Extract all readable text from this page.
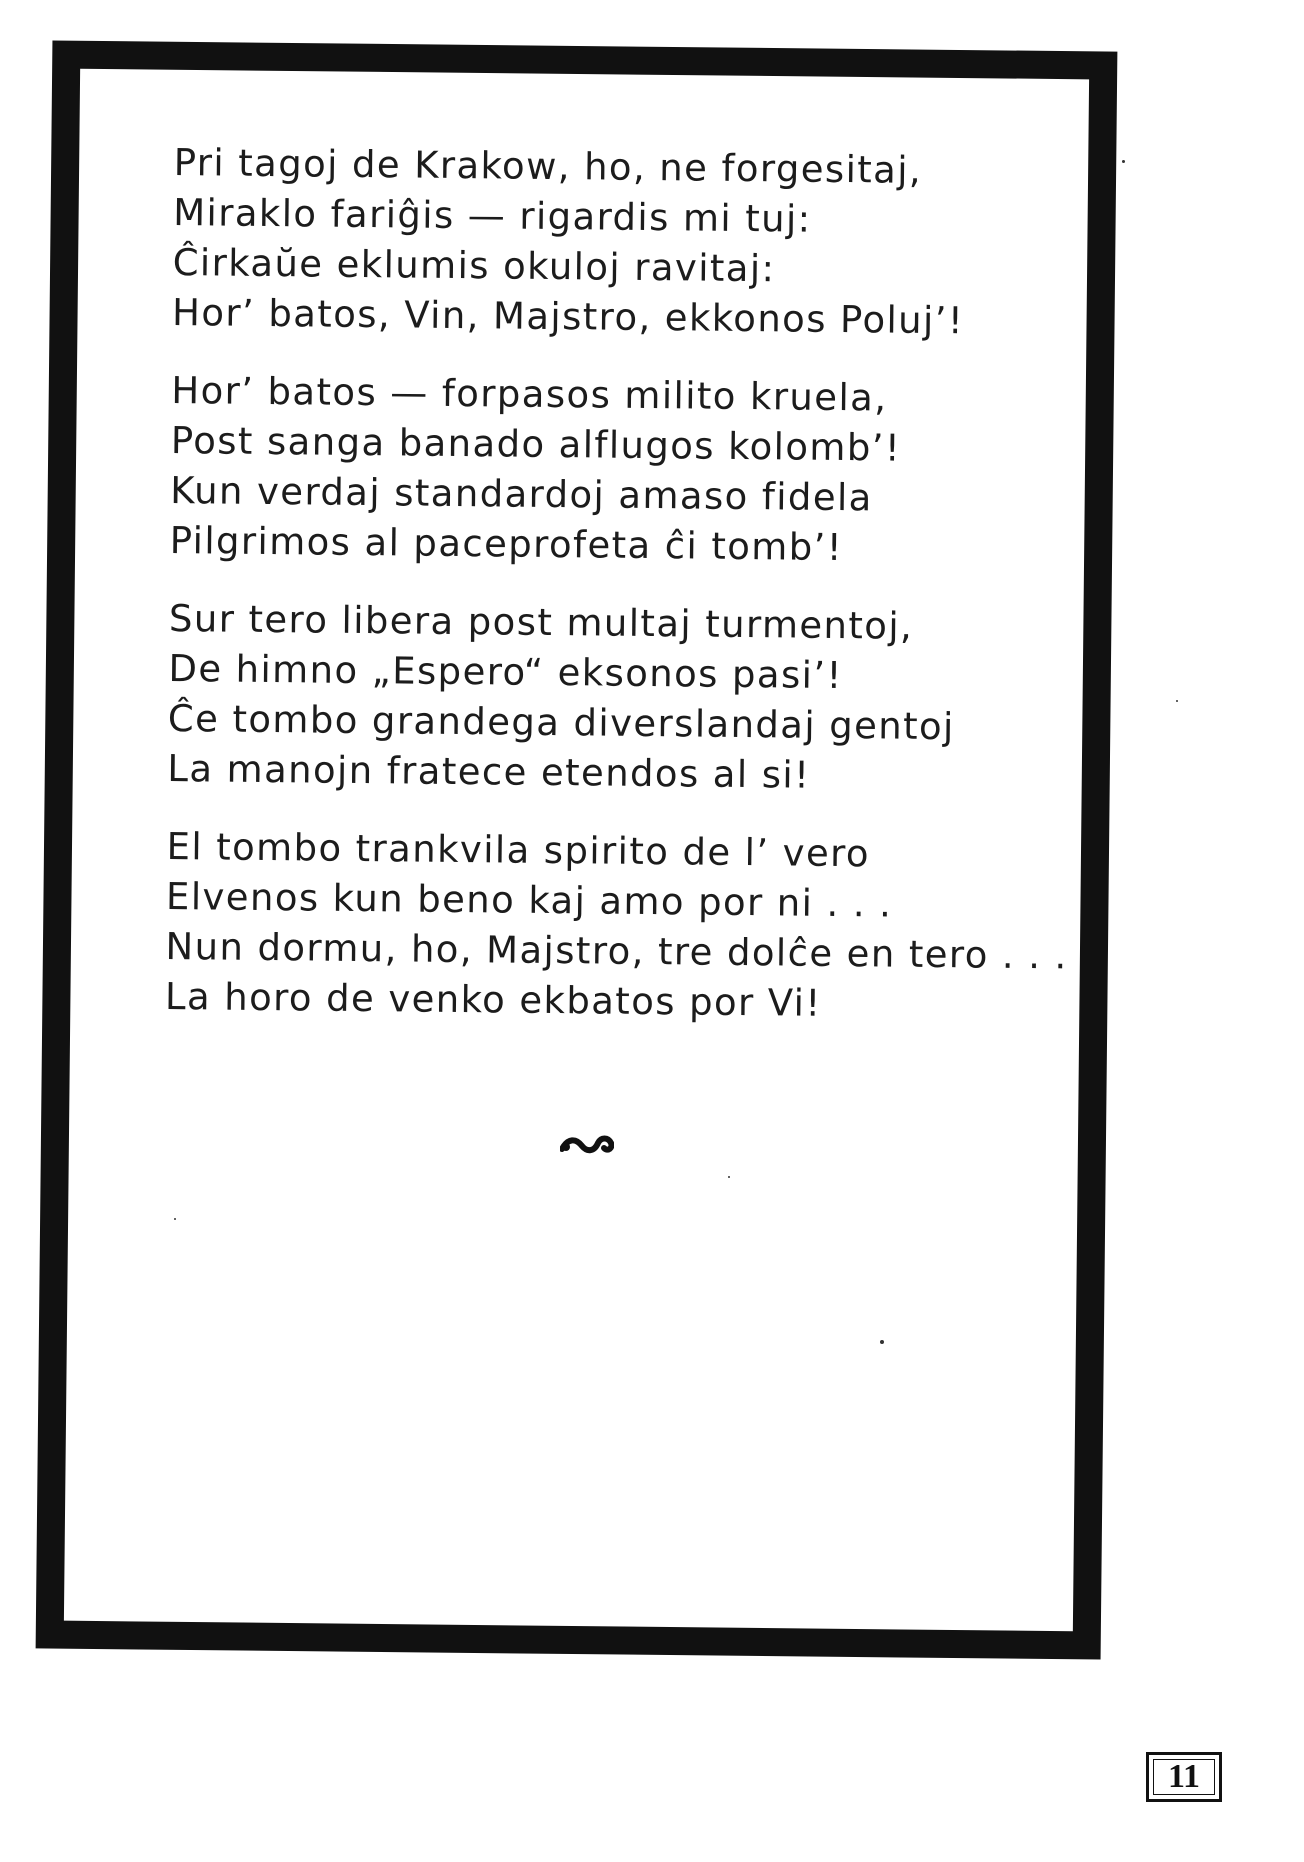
Pri tagoj de Krakow, ho, ne forgesitaj,
Miraklo fariĝis — rigardis mi tuj:
Ĉirkaŭe eklumis okuloj ravitaj:
Hor’ batos, Vin, Majstro, ekkonos Poluj’!
Hor’ batos — forpasos milito kruela,
Post sanga banado alflugos kolomb’!
Kun verdaj standardoj amaso fidela
Pilgrimos al paceprofeta ĉi tomb’!
Sur tero libera post multaj turmentoj,
De himno „Espero“ eksonos pasi’!
Ĉe tombo grandega diverslandaj gentoj
La manojn fratece etendos al si!
El tombo trankvila spirito de l’ vero
Elvenos kun beno kaj amo por ni . . .
Nun dormu, ho, Majstro, tre dolĉe en tero . . .
La horo de venko ekbatos por Vi!
11
